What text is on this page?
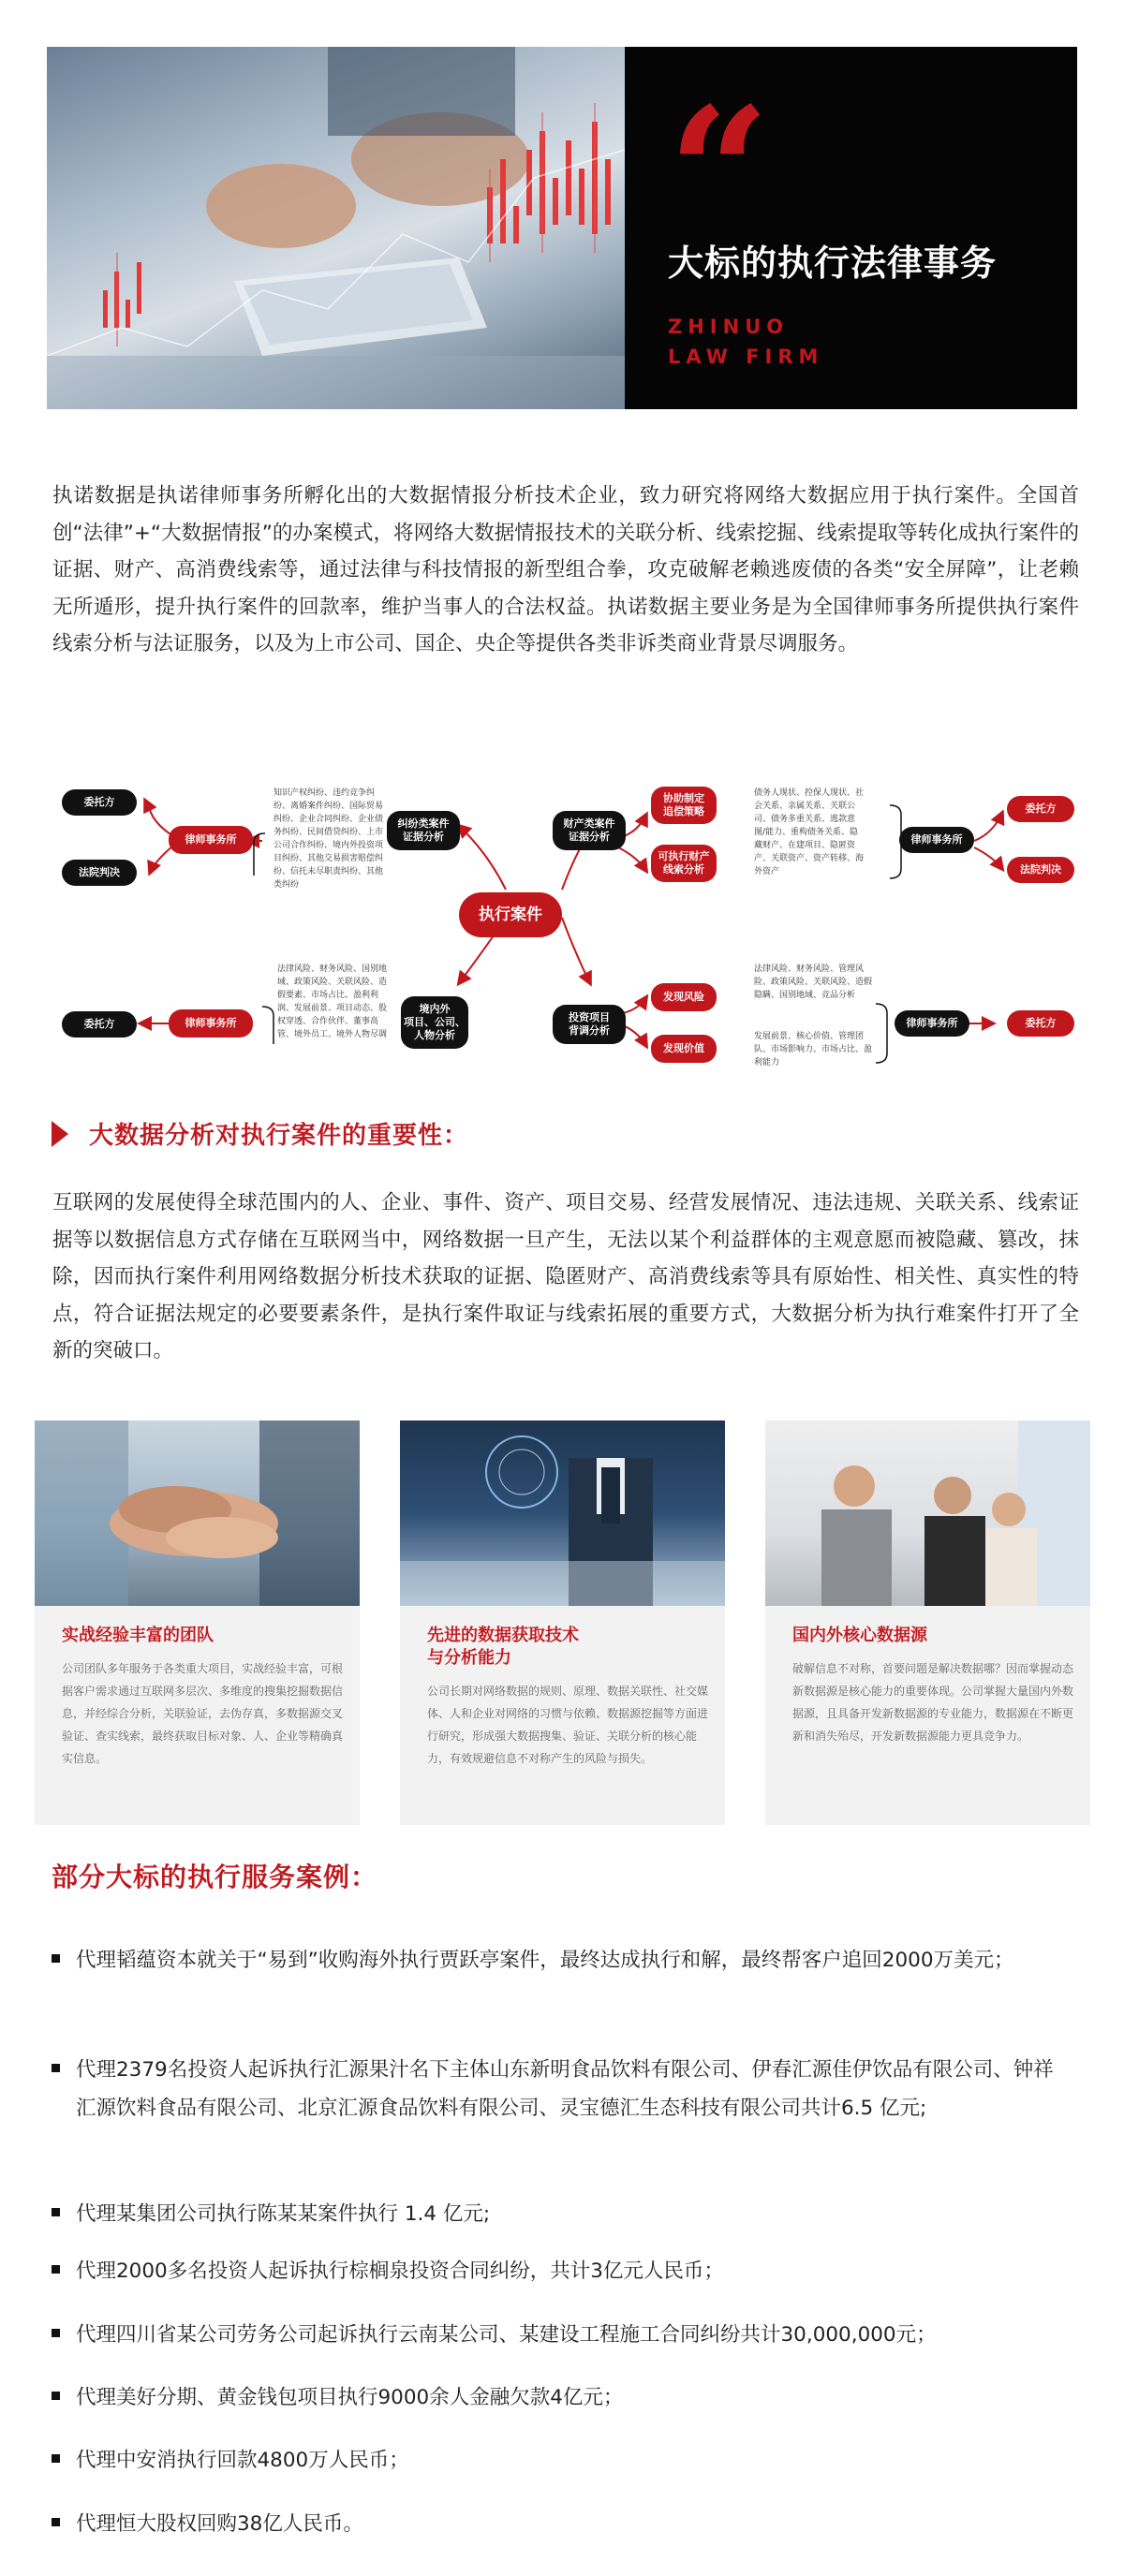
“
大标的执行法律事务
ZHINUO
LAW FIRM
执诺数据是执诺律师事务所孵化出的大数据情报分析技术企业，致力研究将网络大数据应用于执行案件。全国首创“法律”+“大数据情报”的办案模式，将网络大数据情报技术的关联分析、线索挖掘、线索提取等转化成执行案件的证据、财产、高消费线索等，通过法律与科技情报的新型组合拳，攻克破解老赖逃废债的各类“安全屏障”，让老赖无所遁形，提升执行案件的回款率，维护当事人的合法权益。执诺数据主要业务是为全国律师事务所提供执行案件线索分析与法证服务，以及为上市公司、国企、央企等提供各类非诉类商业背景尽调服务。
执行案件
委托方
法院判决
律师事务所
知识产权纠纷、违约竞争纠纷、离婚案件纠纷、国际贸易纠纷、企业合同纠纷、企业债务纠纷、民间借贷纠纷、上市公司合作纠纷、境内外投资项目纠纷、其他交易损害赔偿纠纷、信托未尽职责纠纷、其他类纠纷
纠纷类案件
证据分析
委托方	律师事务所
法律风险、财务风险、国别地域、政策风险、关联风险、造假要素、市场占比、盈利利润、发展前景、项目动态、股权穿透、合作伙伴、董事高管、境外员工、境外人物尽调
境内外
项目、公司、
人物分析
财产类案件
证据分析
协助制定
追偿策略
可执行财产
线索分析
债务人现状、控保人现状、社会关系、亲属关系、关联公司、债务多重关系、逃款意图/能力、重构债务关系、隐藏财产、在建项目、隐匿资产、关联资产、资产转移、海外资产
律师事务所
委托方
法院判决
投资项目
背调分析
发现风险
发现价值
法律风险、财务风险、管理风险、政策风险、关联风险、造假隐瞒、国别地域、竞品分析
发展前景、核心价值、管理团队、市场影响力、市场占比、盈利能力
律师事务所	委托方
大数据分析对执行案件的重要性：
互联网的发展使得全球范围内的人、企业、事件、资产、项目交易、经营发展情况、违法违规、关联关系、线索证据等以数据信息方式存储在互联网当中，网络数据一旦产生，无法以某个利益群体的主观意愿而被隐藏、篡改，抹除，因而执行案件利用网络数据分析技术获取的证据、隐匿财产、高消费线索等具有原始性、相关性、真实性的特点，符合证据法规定的必要要素条件，是执行案件取证与线索拓展的重要方式，大数据分析为执行难案件打开了全新的突破口。
实战经验丰富的团队
公司团队多年服务于各类重大项目，实战经验丰富，可根据客户需求通过互联网多层次、多维度的搜集挖掘数据信息，并经综合分析，关联验证，去伪存真，多数据源交叉验证、查实线索，最终获取目标对象、人、企业等精确真实信息。
先进的数据获取技术
与分析能力
公司长期对网络数据的规则、原理、数据关联性、社交媒体、人和企业对网络的习惯与依赖、数据源挖掘等方面进行研究，形成强大数据搜集、验证、关联分析的核心能力，有效规避信息不对称产生的风险与损失。
国内外核心数据源
破解信息不对称，首要问题是解决数据哪？因而掌握动态新数据源是核心能力的重要体现。公司掌握大量国内外数据源，且具备开发新数据源的专业能力，数据源在不断更新和消失殆尽，开发新数据源能力更具竞争力。
部分大标的执行服务案例：
代理韬蕴资本就关于“易到”收购海外执行贾跃亭案件，最终达成执行和解，最终帮客户追回2000万美元；
代理2379名投资人起诉执行汇源果汁名下主体山东新明食品饮料有限公司、伊春汇源佳伊饮品有限公司、钟祥汇源饮料食品有限公司、北京汇源食品饮料有限公司、灵宝德汇生态科技有限公司共计6.5 亿元;
代理某集团公司执行陈某某案件执行 1.4 亿元;
代理2000多名投资人起诉执行棕榈泉投资合同纠纷，共计3亿元人民币；
代理四川省某公司劳务公司起诉执行云南某公司、某建设工程施工合同纠纷共计30,000,000元；
代理美好分期、黄金钱包项目执行9000余人金融欠款4亿元；
代理中安消执行回款4800万人民币；
代理恒大股权回购38亿人民币。
